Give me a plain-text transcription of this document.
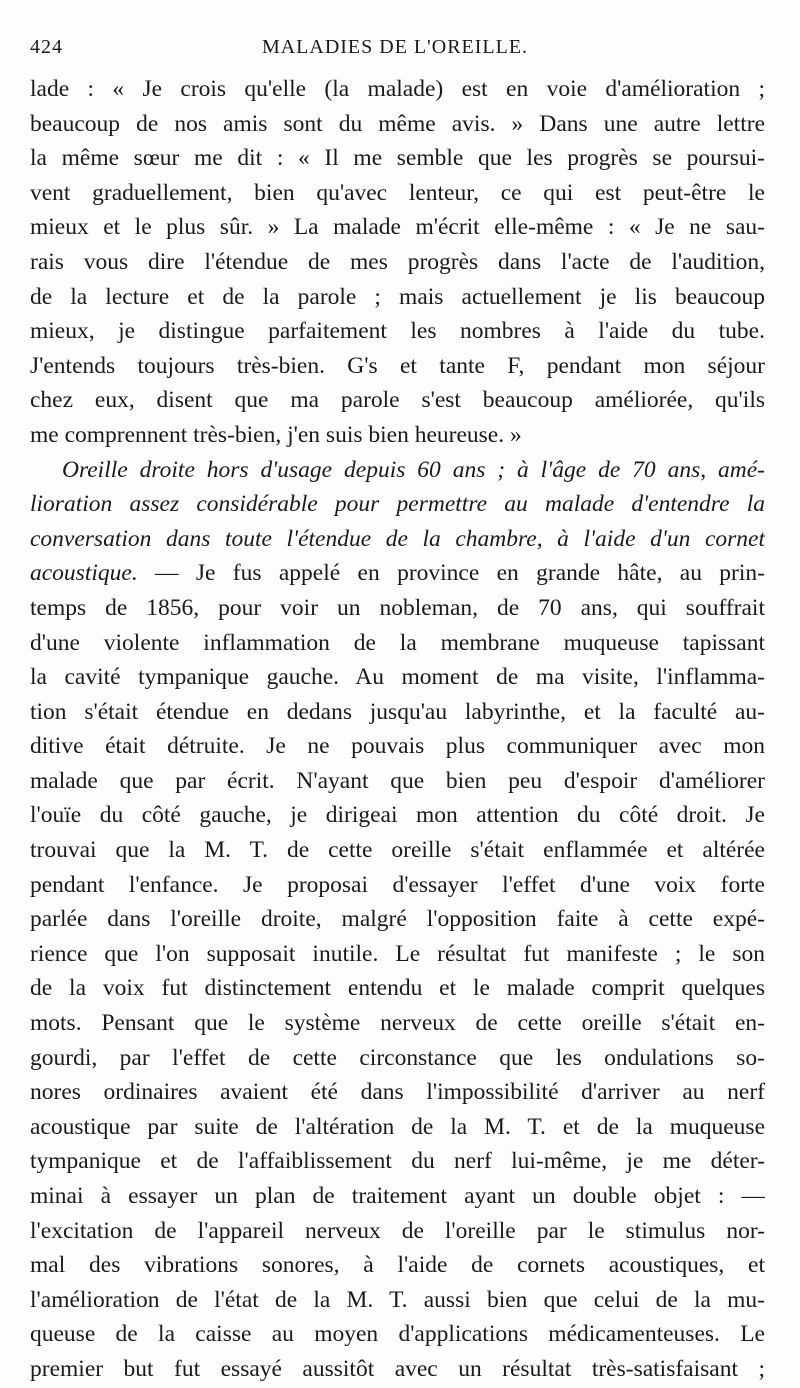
424	MALADIES DE L'OREILLE.
lade : « Je crois qu'elle (la malade) est en voie d'amélioration ;
beaucoup de nos amis sont du même avis. » Dans une autre lettre
la même sœur me dit : « Il me semble que les progrès se poursui-
vent graduellement, bien qu'avec lenteur, ce qui est peut-être le
mieux et le plus sûr. » La malade m'écrit elle-même : « Je ne sau-
rais vous dire l'étendue de mes progrès dans l'acte de l'audition,
de la lecture et de la parole ; mais actuellement je lis beaucoup
mieux, je distingue parfaitement les nombres à l'aide du tube.
J'entends toujours très-bien. G's et tante F, pendant mon séjour
chez eux, disent que ma parole s'est beaucoup améliorée, qu'ils
me comprennent très-bien, j'en suis bien heureuse. »
Oreille droite hors d'usage depuis 60 ans ; à l'âge de 70 ans, amé-
lioration assez considérable pour permettre au malade d'entendre la
conversation dans toute l'étendue de la chambre, à l'aide d'un cornet
acoustique. — Je fus appelé en province en grande hâte, au prin-
temps de 1856, pour voir un nobleman, de 70 ans, qui souffrait
d'une violente inflammation de la membrane muqueuse tapissant
la cavité tympanique gauche. Au moment de ma visite, l'inflamma-
tion s'était étendue en dedans jusqu'au labyrinthe, et la faculté au-
ditive était détruite. Je ne pouvais plus communiquer avec mon
malade que par écrit. N'ayant que bien peu d'espoir d'améliorer
l'ouïe du côté gauche, je dirigeai mon attention du côté droit. Je
trouvai que la M. T. de cette oreille s'était enflammée et altérée
pendant l'enfance. Je proposai d'essayer l'effet d'une voix forte
parlée dans l'oreille droite, malgré l'opposition faite à cette expé-
rience que l'on supposait inutile. Le résultat fut manifeste ; le son
de la voix fut distinctement entendu et le malade comprit quelques
mots. Pensant que le système nerveux de cette oreille s'était en-
gourdi, par l'effet de cette circonstance que les ondulations so-
nores ordinaires avaient été dans l'impossibilité d'arriver au nerf
acoustique par suite de l'altération de la M. T. et de la muqueuse
tympanique et de l'affaiblissement du nerf lui-même, je me déter-
minai à essayer un plan de traitement ayant un double objet : —
l'excitation de l'appareil nerveux de l'oreille par le stimulus nor-
mal des vibrations sonores, à l'aide de cornets acoustiques, et
l'amélioration de l'état de la M. T. aussi bien que celui de la mu-
queuse de la caisse au moyen d'applications médicamenteuses. Le
premier but fut essayé aussitôt avec un résultat très-satisfaisant ;
